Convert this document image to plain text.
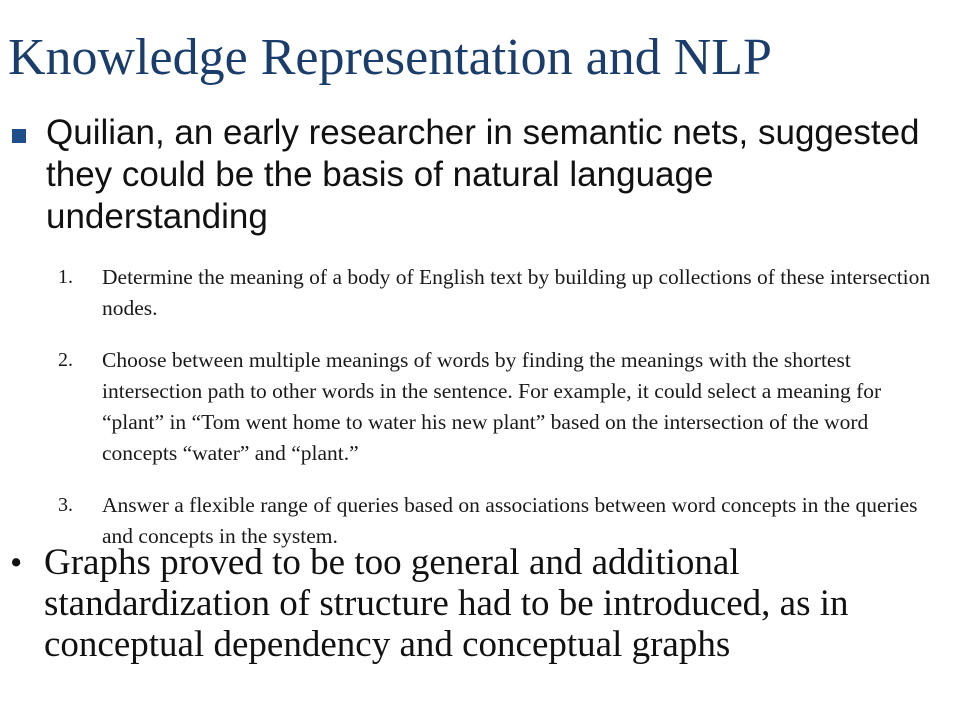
Knowledge Representation and NLP

Quilian, an early researcher in semantic nets, suggested they could be the basis of natural language understanding

1. Determine the meaning of a body of English text by building up collections of these intersection nodes.
2. Choose between multiple meanings of words by finding the meanings with the shortest intersection path to other words in the sentence. For example, it could select a meaning for “plant” in “Tom went home to water his new plant” based on the intersection of the word concepts “water” and “plant.”
3. Answer a flexible range of queries based on associations between word concepts in the queries and concepts in the system.
• Graphs proved to be too general and additional standardization of structure had to be introduced, as in conceptual dependency and conceptual graphs
